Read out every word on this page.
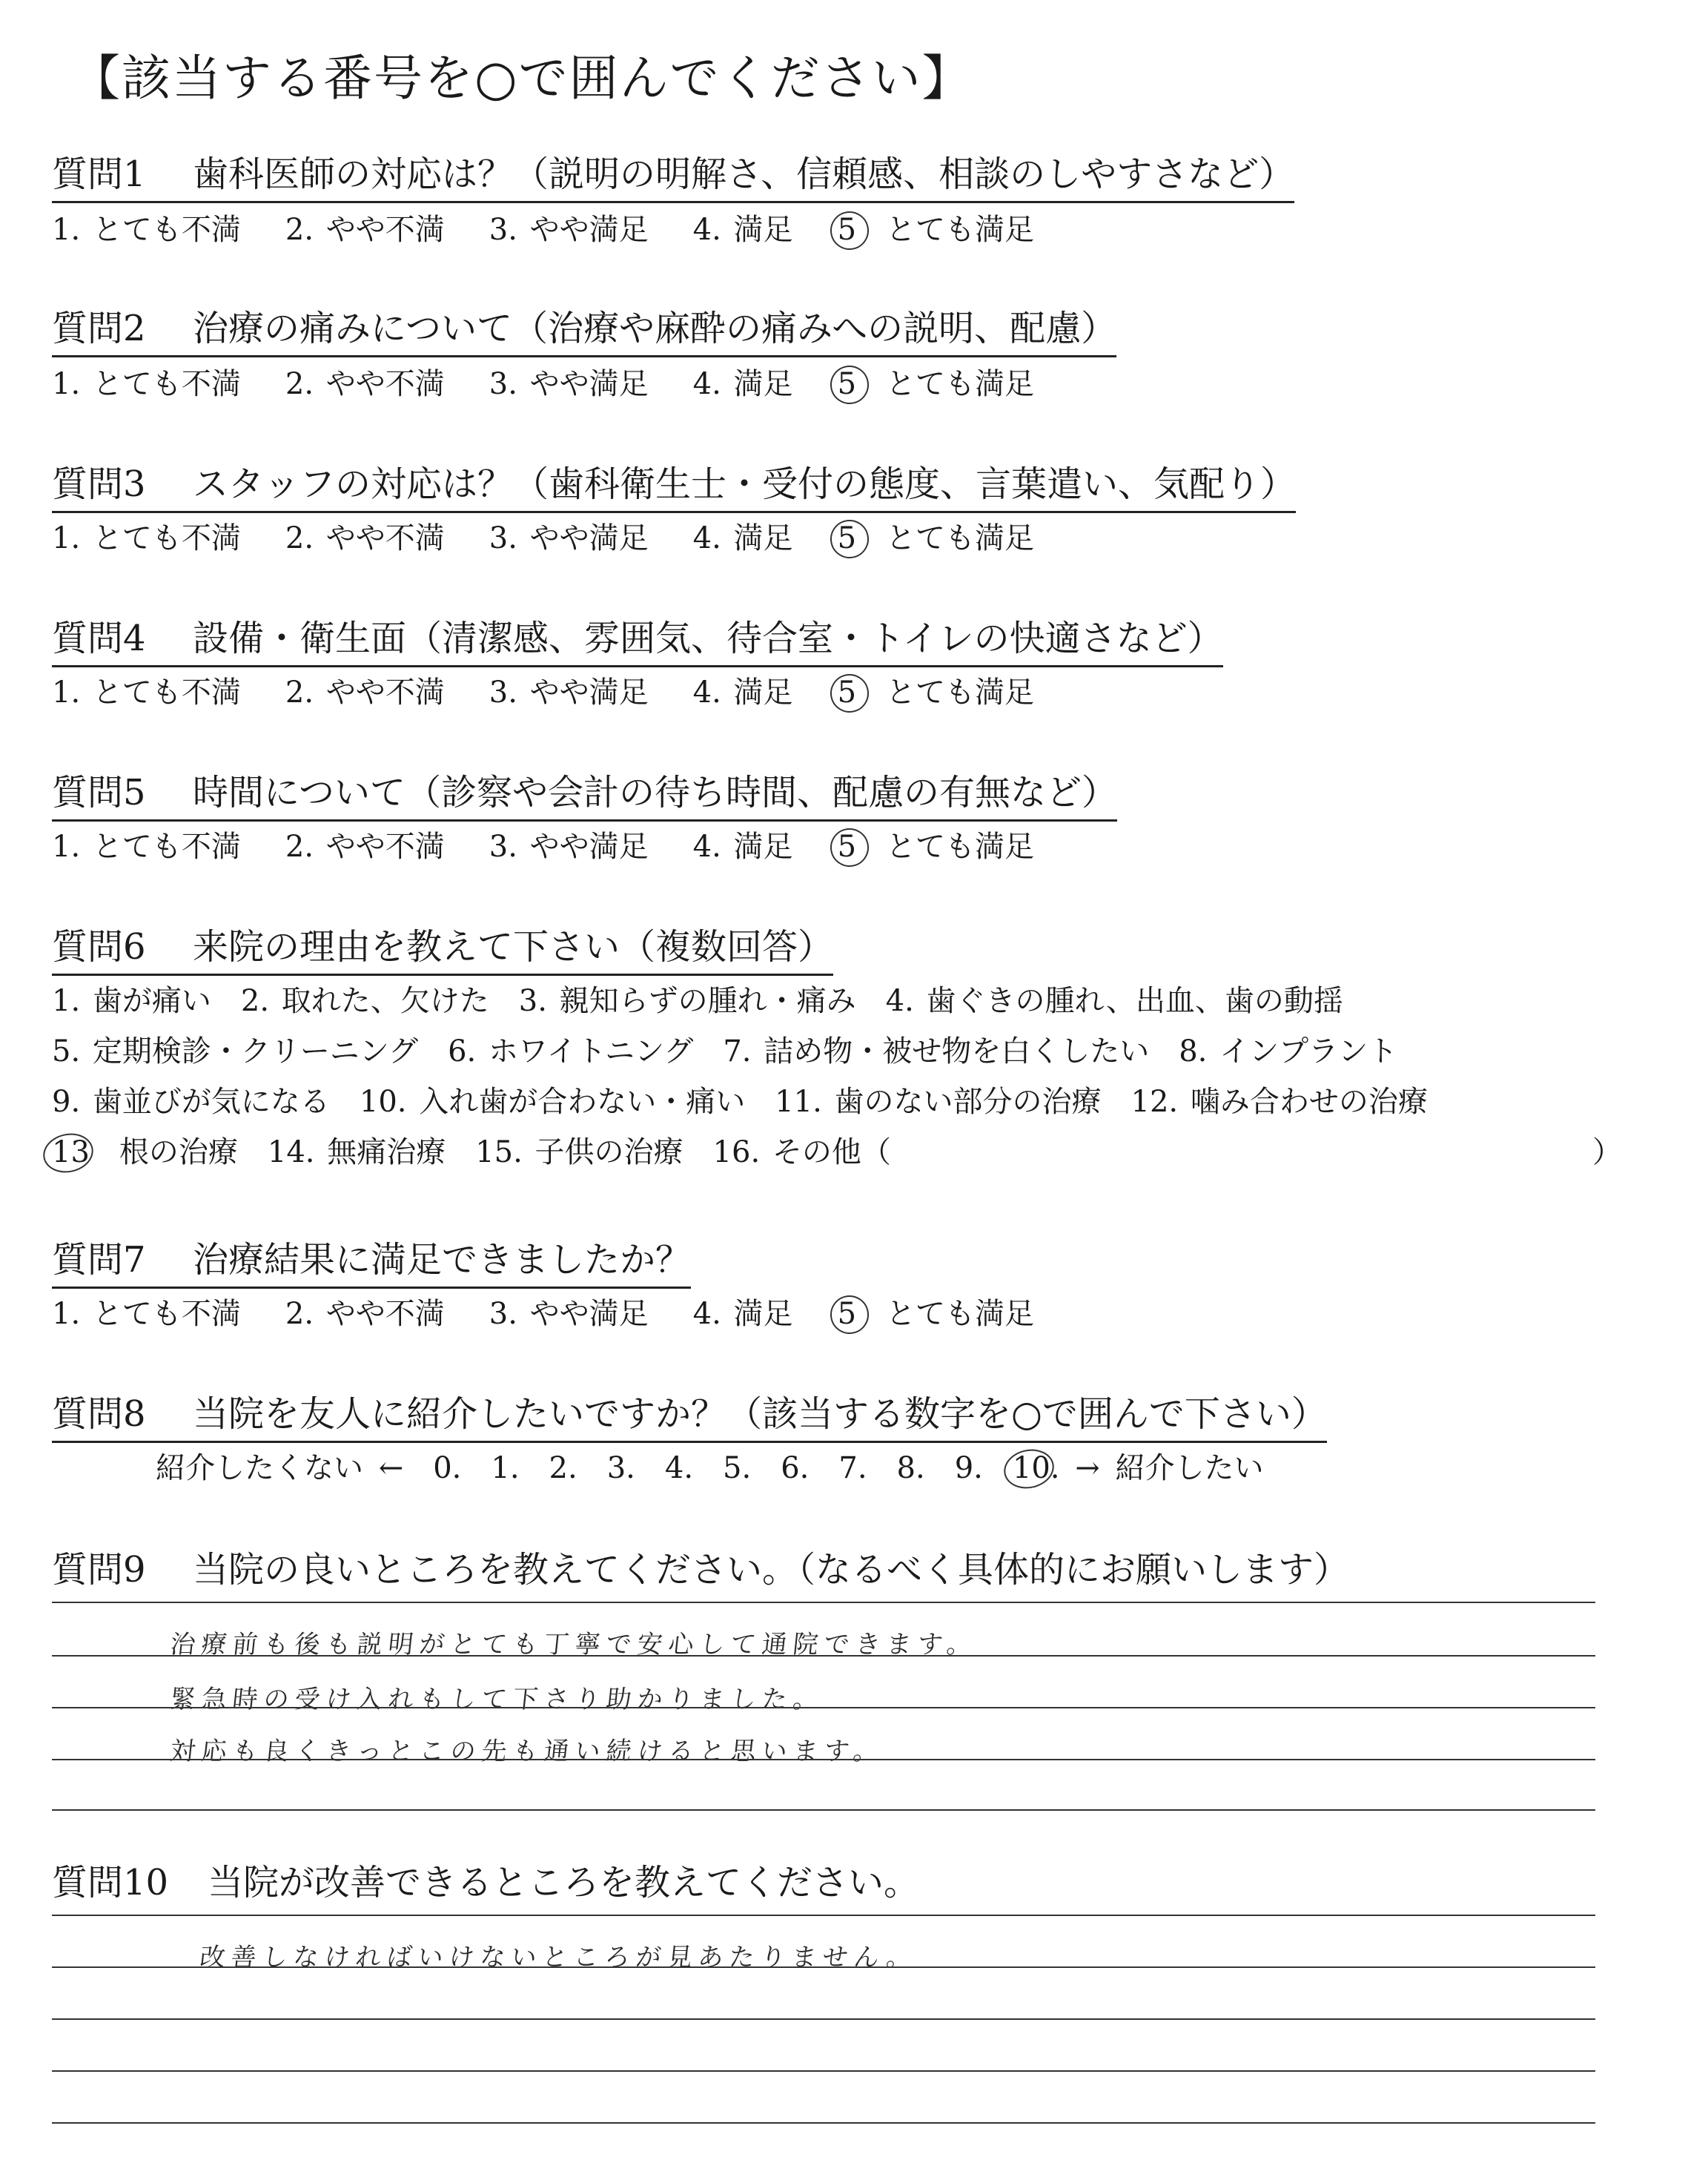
【該当する番号を○で囲んでください】
質問1 歯科医師の対応は？（説明の明解さ、信頼感、相談のしやすさなど）
1. とても不満 2. やや不満 3. やや満足 4. 満足 5　 とても満足
質問2 治療の痛みについて（治療や麻酔の痛みへの説明、配慮）
1. とても不満 2. やや不満 3. やや満足 4. 満足 5　 とても満足
質問3 スタッフの対応は？（歯科衛生士・受付の態度、言葉遣い、気配り）
1. とても不満 2. やや不満 3. やや満足 4. 満足 5　 とても満足
質問4 設備・衛生面（清潔感、雰囲気、待合室・トイレの快適さなど）
1. とても不満 2. やや不満 3. やや満足 4. 満足 5　 とても満足
質問5 時間について（診察や会計の待ち時間、配慮の有無など）
1. とても不満 2. やや不満 3. やや満足 4. 満足 5　 とても満足
質問6 来院の理由を教えて下さい（複数回答）
1. 歯が痛い　2. 取れた、欠けた　3. 親知らずの腫れ・痛み　4. 歯ぐきの腫れ、出血、歯の動揺
5. 定期検診・クリーニング　6. ホワイトニング　7. 詰め物・被せ物を白くしたい　8. インプラント
9. 歯並びが気になる　10. 入れ歯が合わない・痛い　11. 歯のない部分の治療　12. 噛み合わせの治療
13　 根の治療　14. 無痛治療　15. 子供の治療　16. その他（	）
質問7 治療結果に満足できましたか？
1. とても不満 2. やや不満 3. やや満足 4. 満足 5　 とても満足
質問8 当院を友人に紹介したいですか？（該当する数字を○で囲んで下さい）
紹介したくない ←　 0.　1.　2.　3.　4.　5.　6.　7.　8.　9.　 10. → 紹介したい
質問9 当院の良いところを教えてください。（なるべく具体的にお願いします）
治療前も後も説明がとても丁寧で安心して通院できます。
緊急時の受け入れもして下さり助かりました。
対応も良くきっとこの先も通い続けると思います。
質問10 当院が改善できるところを教えてください。
改善しなければいけないところが見あたりません。
